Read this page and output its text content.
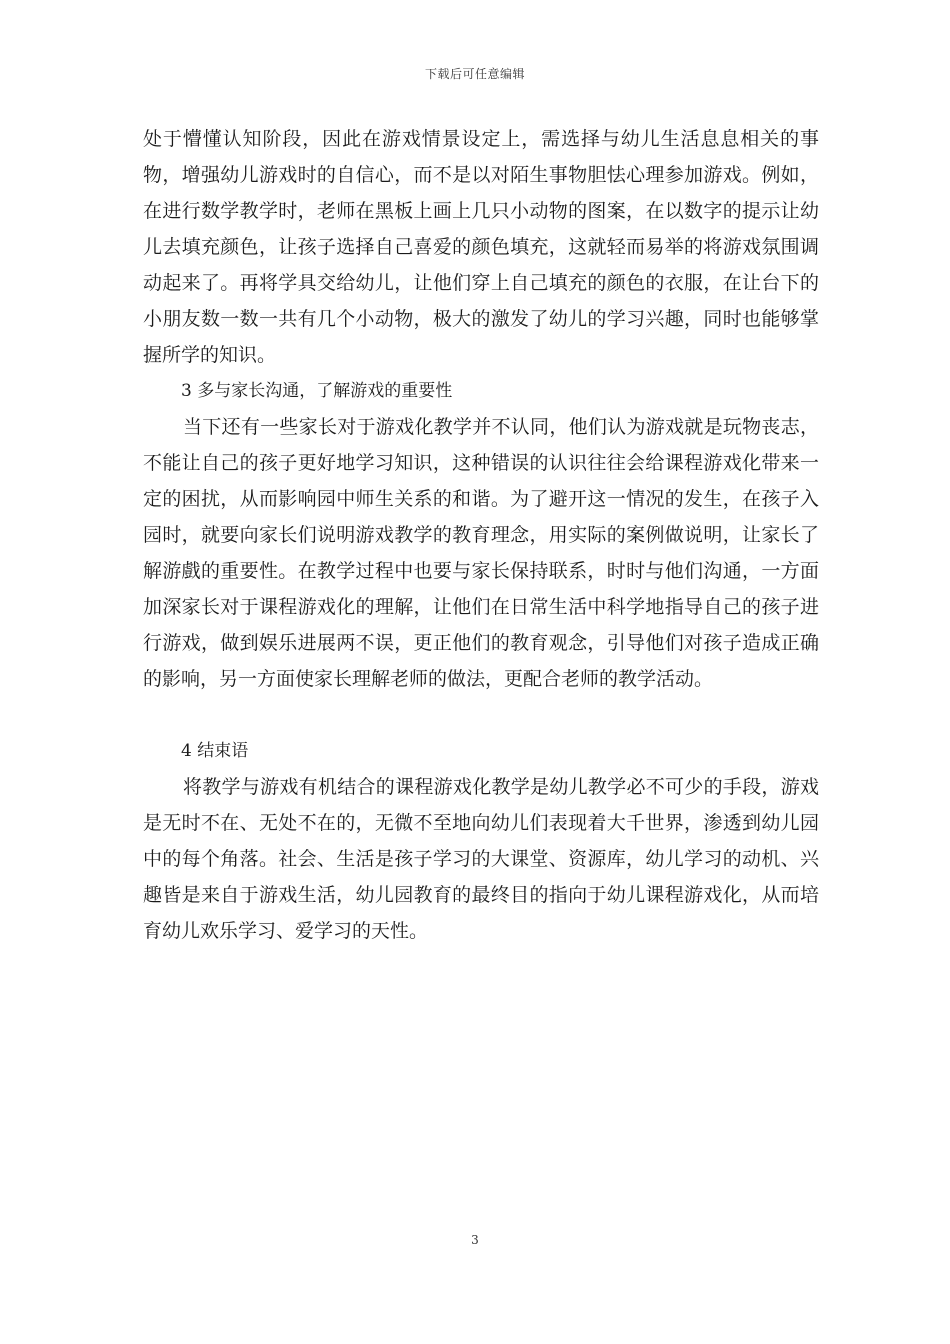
下载后可任意编辑

处于懵懂认知阶段，因此在游戏情景设定上，需选择与幼儿生活息息相关的事物，增强幼儿游戏时的自信心，而不是以对陌生事物胆怯心理参加游戏。例如，在进行数学教学时，老师在黑板上画上几只小动物的图案，在以数字的提示让幼儿去填充颜色，让孩子选择自己喜爱的颜色填充，这就轻而易举的将游戏氛围调动起来了。再将学具交给幼儿，让他们穿上自己填充的颜色的衣服，在让台下的小朋友数一数一共有几个小动物，极大的激发了幼儿的学习兴趣，同时也能够掌握所学的知识。

3 多与家长沟通，了解游戏的重要性

当下还有一些家长对于游戏化教学并不认同，他们认为游戏就是玩物丧志，不能让自己的孩子更好地学习知识，这种错误的认识往往会给课程游戏化带来一定的困扰，从而影响园中师生关系的和谐。为了避开这一情况的发生，在孩子入园时，就要向家长们说明游戏教学的教育理念，用实际的案例做说明，让家长了解游戲的重要性。在教学过程中也要与家长保持联系，时时与他们沟通，一方面加深家长对于课程游戏化的理解，让他们在日常生活中科学地指导自己的孩子进行游戏，做到娱乐进展两不误，更正他们的教育观念，引导他们对孩子造成正确的影响，另一方面使家长理解老师的做法，更配合老师的教学活动。

4 结束语

将教学与游戏有机结合的课程游戏化教学是幼儿教学必不可少的手段，游戏是无时不在、无处不在的，无微不至地向幼儿们表现着大千世界，渗透到幼儿园中的每个角落。社会、生活是孩子学习的大课堂、资源库，幼儿学习的动机、兴趣皆是来自于游戏生活，幼儿园教育的最终目的指向于幼儿课程游戏化，从而培育幼儿欢乐学习、爱学习的天性。

3
